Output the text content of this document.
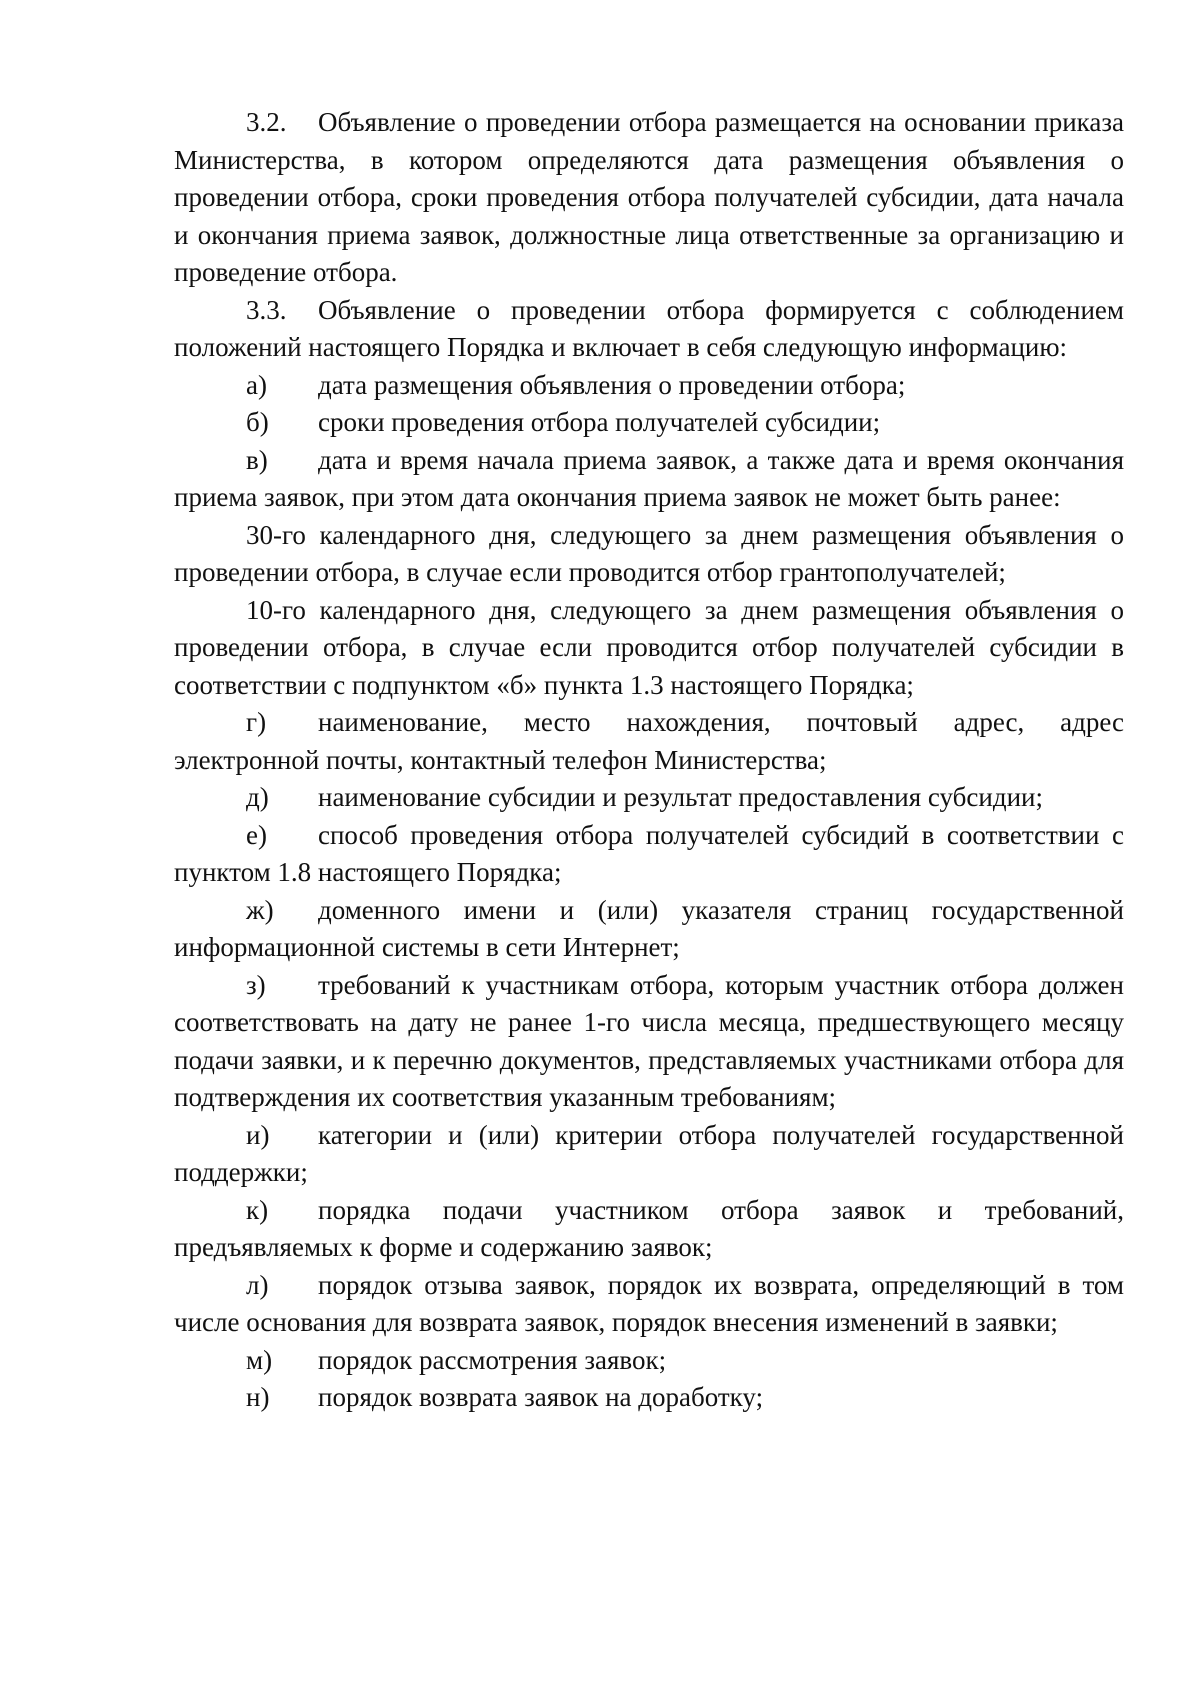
3.2. Объявление о проведении отбора размещается на основании приказа Министерства, в котором определяются дата размещения объявления о проведении отбора, сроки проведения отбора получателей субсидии, дата начала и окончания приема заявок, должностные лица ответственные за организацию и проведение отбора.

3.3. Объявление о проведении отбора формируется с соблюдением положений настоящего Порядка и включает в себя следующую информацию:

а) дата размещения объявления о проведении отбора;

б) сроки проведения отбора получателей субсидии;

в) дата и время начала приема заявок, а также дата и время окончания приема заявок, при этом дата окончания приема заявок не может быть ранее:

30-го календарного дня, следующего за днем размещения объявления о проведении отбора, в случае если проводится отбор грантополучателей;

10-го календарного дня, следующего за днем размещения объявления о проведении отбора, в случае если проводится отбор получателей субсидии в соответствии с подпунктом «б» пункта 1.3 настоящего Порядка;

г) наименование, место нахождения, почтовый адрес, адрес электронной почты, контактный телефон Министерства;

д) наименование субсидии и результат предоставления субсидии;

е) способ проведения отбора получателей субсидий в соответствии с пунктом 1.8 настоящего Порядка;

ж) доменного имени и (или) указателя страниц государственной информационной системы в сети Интернет;

з) требований к участникам отбора, которым участник отбора должен соответствовать на дату не ранее 1-го числа месяца, предшествующего месяцу подачи заявки, и к перечню документов, представляемых участниками отбора для подтверждения их соответствия указанным требованиям;

и) категории и (или) критерии отбора получателей государственной поддержки;

к) порядка подачи участником отбора заявок и требований, предъявляемых к форме и содержанию заявок;

л) порядок отзыва заявок, порядок их возврата, определяющий в том числе основания для возврата заявок, порядок внесения изменений в заявки;

м) порядок рассмотрения заявок;

н) порядок возврата заявок на доработку;
